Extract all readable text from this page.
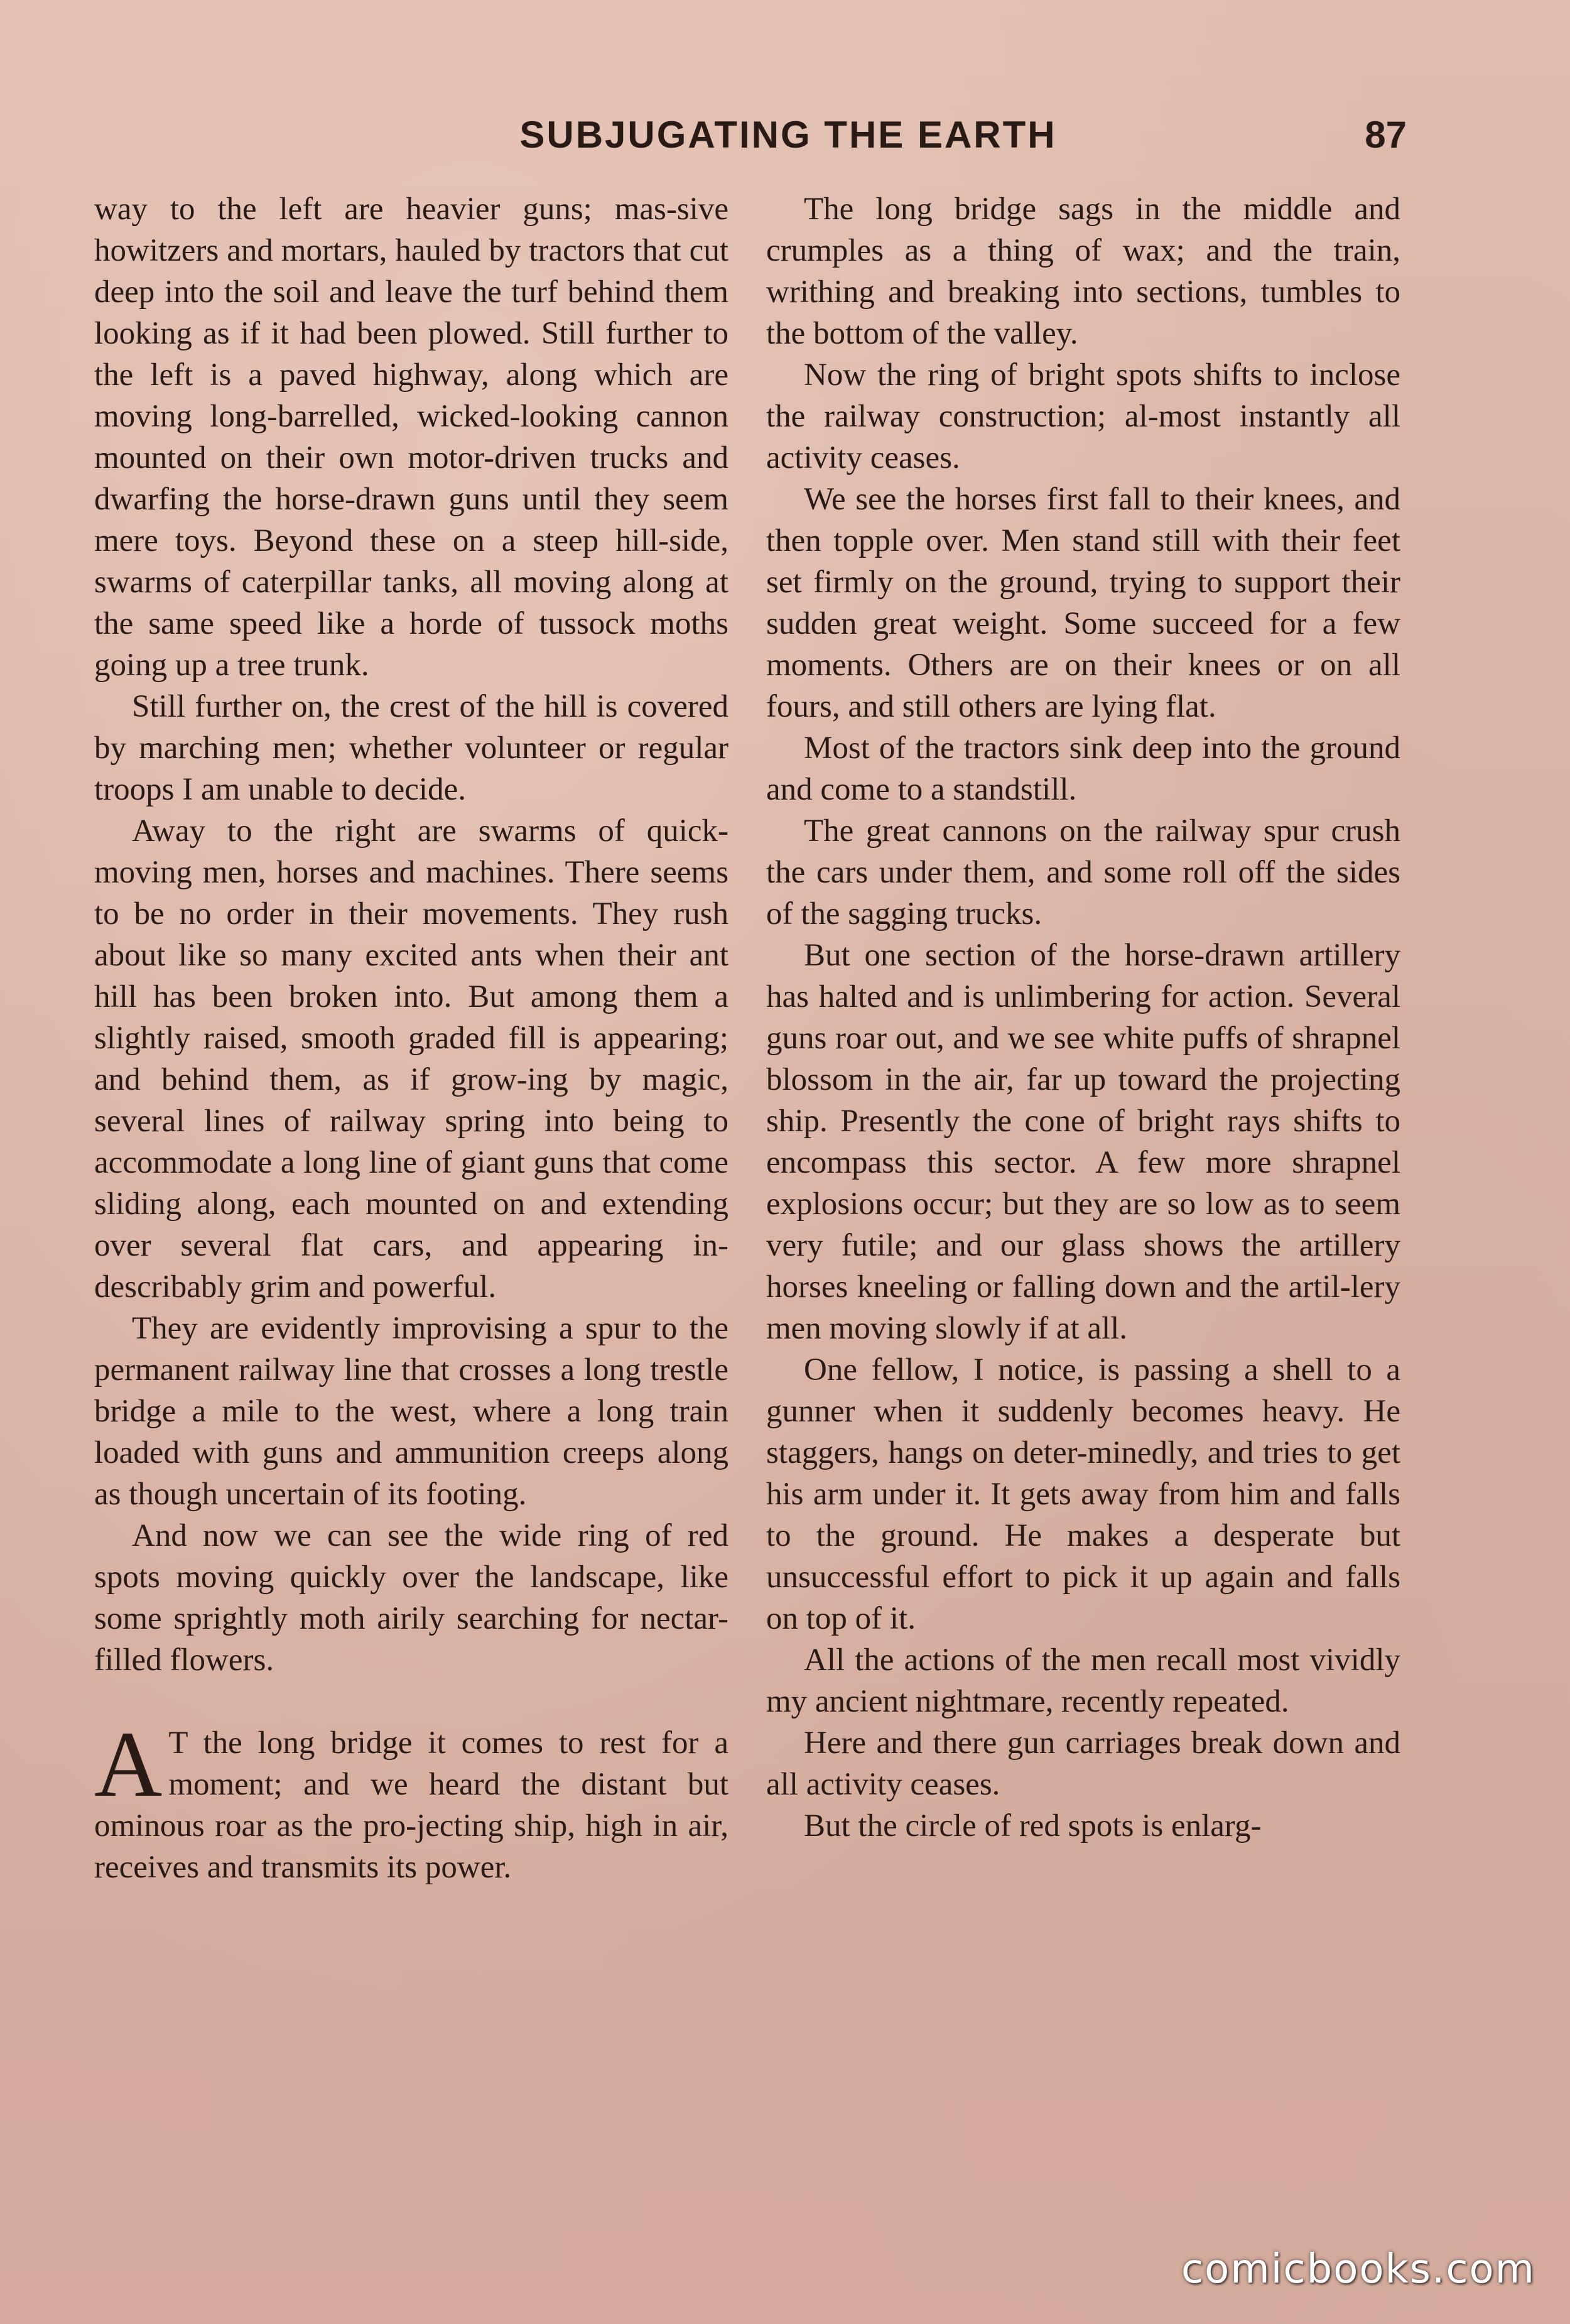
SUBJUGATING THE EARTH	87

way to the left are heavier guns; mas-sive howitzers and mortars, hauled by tractors that cut deep into the soil and leave the turf behind them looking as if it had been plowed. Still further to the left is a paved highway, along which are moving long-barrelled, wicked-looking cannon mounted on their own motor-driven trucks and dwarfing the horse-drawn guns until they seem mere toys. Beyond these on a steep hill-side, swarms of caterpillar tanks, all moving along at the same speed like a horde of tussock moths going up a tree trunk.

Still further on, the crest of the hill is covered by marching men; whether volunteer or regular troops I am unable to decide.

Away to the right are swarms of quick-moving men, horses and machines. There seems to be no order in their movements. They rush about like so many excited ants when their ant hill has been broken into. But among them a slightly raised, smooth graded fill is appearing; and behind them, as if grow-ing by magic, several lines of railway spring into being to accommodate a long line of giant guns that come sliding along, each mounted on and extending over several flat cars, and appearing in-describably grim and powerful.

They are evidently improvising a spur to the permanent railway line that crosses a long trestle bridge a mile to the west, where a long train loaded with guns and ammunition creeps along as though uncertain of its footing.

And now we can see the wide ring of red spots moving quickly over the landscape, like some sprightly moth airily searching for nectar-filled flowers.

A T the long bridge it comes to rest for a moment; and we heard the distant but ominous roar as the pro-jecting ship, high in air, receives and transmits its power.

The long bridge sags in the middle and crumples as a thing of wax; and the train, writhing and breaking into sections, tumbles to the bottom of the valley.

Now the ring of bright spots shifts to inclose the railway construction; al-most instantly all activity ceases.

We see the horses first fall to their knees, and then topple over. Men stand still with their feet set firmly on the ground, trying to support their sudden great weight. Some succeed for a few moments. Others are on their knees or on all fours, and still others are lying flat.

Most of the tractors sink deep into the ground and come to a standstill.

The great cannons on the railway spur crush the cars under them, and some roll off the sides of the sagging trucks.

But one section of the horse-drawn artillery has halted and is unlimbering for action. Several guns roar out, and we see white puffs of shrapnel blossom in the air, far up toward the projecting ship. Presently the cone of bright rays shifts to encompass this sector. A few more shrapnel explosions occur; but they are so low as to seem very futile; and our glass shows the artillery horses kneeling or falling down and the artil-lery men moving slowly if at all.

One fellow, I notice, is passing a shell to a gunner when it suddenly becomes heavy. He staggers, hangs on deter-minedly, and tries to get his arm under it. It gets away from him and falls to the ground. He makes a desperate but unsuccessful effort to pick it up again and falls on top of it.

All the actions of the men recall most vividly my ancient nightmare, recently repeated.

Here and there gun carriages break down and all activity ceases.

But the circle of red spots is enlarg-

comicbooks.com
